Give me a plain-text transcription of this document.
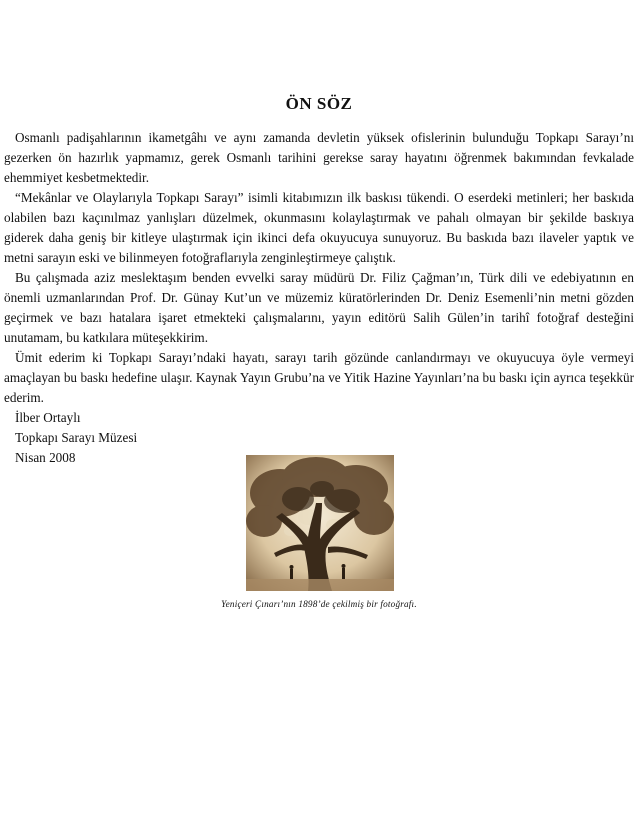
ÖN SÖZ

Osmanlı padişahlarının ikametgâhı ve aynı zamanda devletin yüksek ofislerinin bulunduğu Topkapı Sarayı’nı gezerken ön hazırlık yapmamız, gerek Osmanlı tarihini gerekse saray hayatını öğrenmek bakımından fevkalade ehemmiyet kesbetmektedir.

“Mekânlar ve Olaylarıyla Topkapı Sarayı” isimli kitabımızın ilk baskısı tükendi. O eserdeki metinleri; her baskıda olabilen bazı kaçınılmaz yanlışları düzelmek, okunmasını kolaylaştırmak ve pahalı olmayan bir şekilde baskıya giderek daha geniş bir kitleye ulaştırmak için ikinci defa okuyucuya sunuyoruz. Bu baskıda bazı ilaveler yaptık ve metni sarayın eski ve bilinmeyen fotoğraflarıyla zenginleştirmeye çalıştık.

Bu çalışmada aziz meslektaşım benden evvelki saray müdürü Dr. Filiz Çağman’ın, Türk dili ve edebiyatının en önemli uzmanlarından Prof. Dr. Günay Kut’un ve müzemiz küratörlerinden Dr. Deniz Esemenli’nin metni gözden geçirmek ve bazı hatalara işaret etmekteki çalışmalarını, yayın editörü Salih Gülen’in tarihî fotoğraf desteğini unutamam, bu katkılara müteşekkirim.

Ümit ederim ki Topkapı Sarayı’ndaki hayatı, sarayı tarih gözünde canlandırmayı ve okuyucuya öyle vermeyi amaçlayan bu baskı hedefine ulaşır. Kaynak Yayın Grubu’na ve Yitik Hazine Yayınları’na bu baskı için ayrıca teşekkür ederim.

İlber Ortaylı

Topkapı Sarayı Müzesi

Nisan 2008

Yeniçeri Çınarı’nın 1898’de çekilmiş bir fotoğrafı.
